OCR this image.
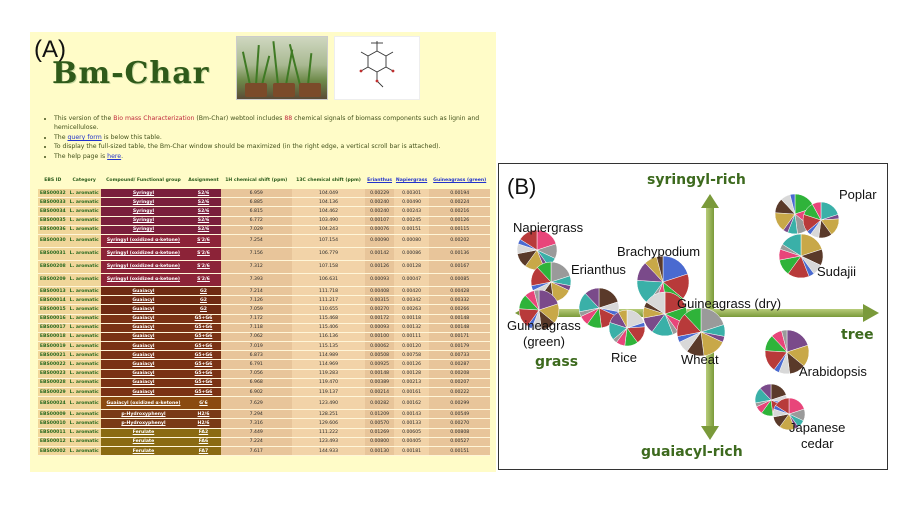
(A)
Bm-Char
• This version of the Bio mass Characterization (Bm-Char) webtool includes 88 chemical signals of biomass components such as lignin and hemicellulose.
• The query form is below this table.
• To display the full-sized table, the Bm-Char window should be maximized (in the right edge, a vertical scroll bar is attached).
• The help page is here.
EBS ID	Category	Compound/ Functional group	Assignment	1H chemical shift (ppm)	13C chemical shift (ppm)	Erianthus	Napiergrass	Guineagrass (green)
EBS00032	L. aromatic	Syringyl	S2/6	6.959	104.049	0.00229	0.00301	0.00194
EBS00033	L. aromatic	Syringyl	S2/6	6.885	104.136	0.00240	0.00490	0.00224
EBS00034	L. aromatic	Syringyl	S2/6	6.815	104.462	0.00240	0.00243	0.00216
EBS00035	L. aromatic	Syringyl	S2/6	6.772	103.490	0.00107	0.00245	0.00126
EBS00036	L. aromatic	Syringyl	S2/6	7.029	104.243	0.00076	0.00151	0.00115
EBS00030	L. aromatic	Syringyl (oxidized α-ketone)	S'2/6	7.254	107.154	0.00090	0.00080	0.00202
EBS00031	L. aromatic	Syringyl (oxidized α-ketone)	S'2/6	7.156	106.779	0.00142	0.00086	0.00136
EBS00208	L. aromatic	Syringyl (oxidized α-ketone)	S'2/6	7.312	107.158	0.00126	0.00128	0.00167
EBS00209	L. aromatic	Syringyl (oxidized α-ketone)	S'2/6	7.393	106.631	0.00093	0.00047	0.00085
EBS00013	L. aromatic	Guaiacyl	G2	7.214	111.718	0.00408	0.00420	0.00428
EBS00014	L. aromatic	Guaiacyl	G2	7.126	111.217	0.00315	0.00342	0.00332
EBS00015	L. aromatic	Guaiacyl	G2	7.059	110.655	0.00270	0.00263	0.00266
EBS00016	L. aromatic	Guaiacyl	G5+G6	7.172	115.468	0.00172	0.00118	0.00148
EBS00017	L. aromatic	Guaiacyl	G5+G6	7.118	115.406	0.00093	0.00132	0.00148
EBS00018	L. aromatic	Guaiacyl	G5+G6	7.062	116.136	0.00100	0.00111	0.00171
EBS00019	L. aromatic	Guaiacyl	G5+G6	7.019	115.135	0.00062	0.00120	0.00179
EBS00021	L. aromatic	Guaiacyl	G5+G6	6.873	114.989	0.00508	0.00758	0.00733
EBS00022	L. aromatic	Guaiacyl	G5+G6	6.791	114.969	0.00925	0.00126	0.00287
EBS00023	L. aromatic	Guaiacyl	G5+G6	7.056	119.283	0.00148	0.00128	0.00208
EBS00028	L. aromatic	Guaiacyl	G5+G6	6.968	119.470	0.00389	0.00213	0.00207
EBS00029	L. aromatic	Guaiacyl	G5+G6	6.902	119.137	0.00214	0.00161	0.00222
EBS00024	L. aromatic	Guaiacyl (oxidized α-ketone)	G'6	7.629	123.490	0.00282	0.00162	0.00299
EBS00009	L. aromatic	p-Hydroxyphenyl	H2/6	7.294	128.251	0.01209	0.00143	0.00549
EBS00010	L. aromatic	p-Hydroxyphenyl	H2/6	7.316	129.606	0.00570	0.00133	0.00270
EBS00011	L. aromatic	Ferulate	FA2	7.449	111.222	0.01269	0.00605	0.00808
EBS00012	L. aromatic	Ferulate	FA6	7.224	123.493	0.00800	0.00405	0.00527
EBS00002	L. aromatic	Ferulate	FA7	7.617	144.933	0.00130	0.00181	0.00151
syringyl-rich
guaiacyl-rich
grass
tree
(B)	Poplar
Sudajii
Napiergrass
Brachypodium
Erianthus
Guineagrass (dry)
Guineagrass
(green)
Rice	Wheat
Arabidopsis
Japanese
cedar
